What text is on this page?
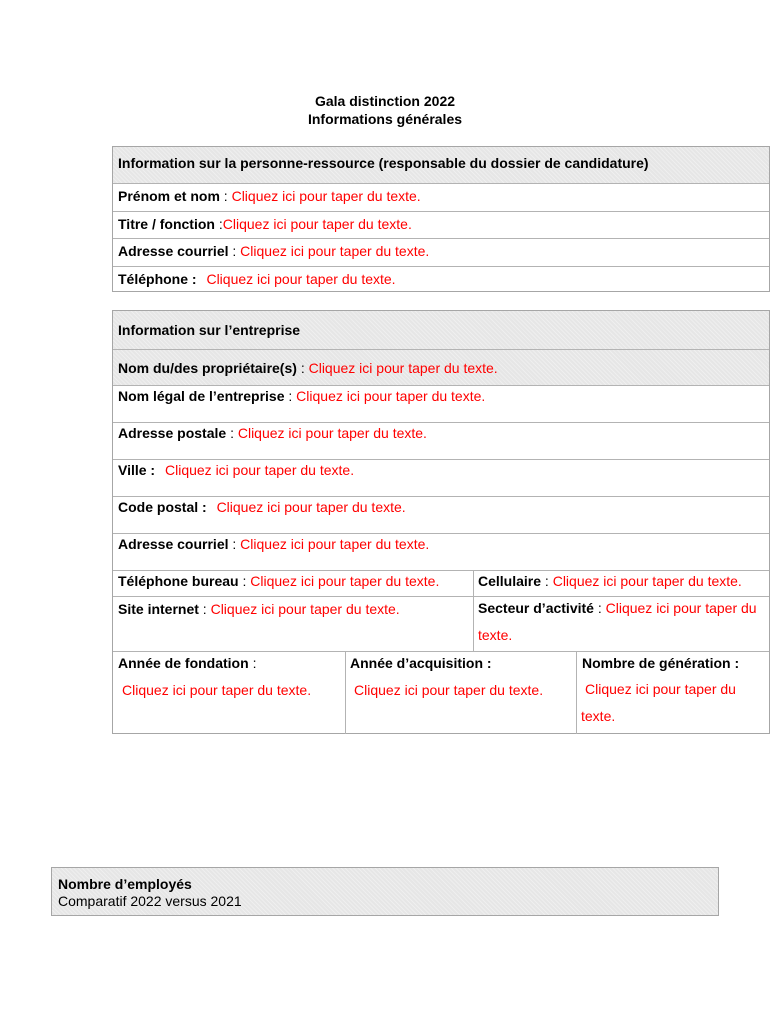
Gala distinction 2022
Informations générales
Information sur la personne-ressource (responsable du dossier de candidature)
Prénom et nom : Cliquez ici pour taper du texte.
Titre / fonction :Cliquez ici pour taper du texte.
Adresse courriel : Cliquez ici pour taper du texte.
Téléphone : Cliquez ici pour taper du texte.
Information sur l’entreprise
Nom du/des propriétaire(s) : Cliquez ici pour taper du texte.
Nom légal de l’entreprise : Cliquez ici pour taper du texte.
Adresse postale : Cliquez ici pour taper du texte.
Ville : Cliquez ici pour taper du texte.
Code postal : Cliquez ici pour taper du texte.
Adresse courriel : Cliquez ici pour taper du texte.
Téléphone bureau : Cliquez ici pour taper du texte.	Cellulaire : Cliquez ici pour taper du texte.
Site internet : Cliquez ici pour taper du texte.	Secteur d’activité : Cliquez ici pour taper du
texte.
Année de fondation :
Cliquez ici pour taper du texte.
Année d’acquisition :
Cliquez ici pour taper du texte.
Nombre de génération :
Cliquez ici pour taper du
texte.
Nombre d’employés
Comparatif 2022 versus 2021
